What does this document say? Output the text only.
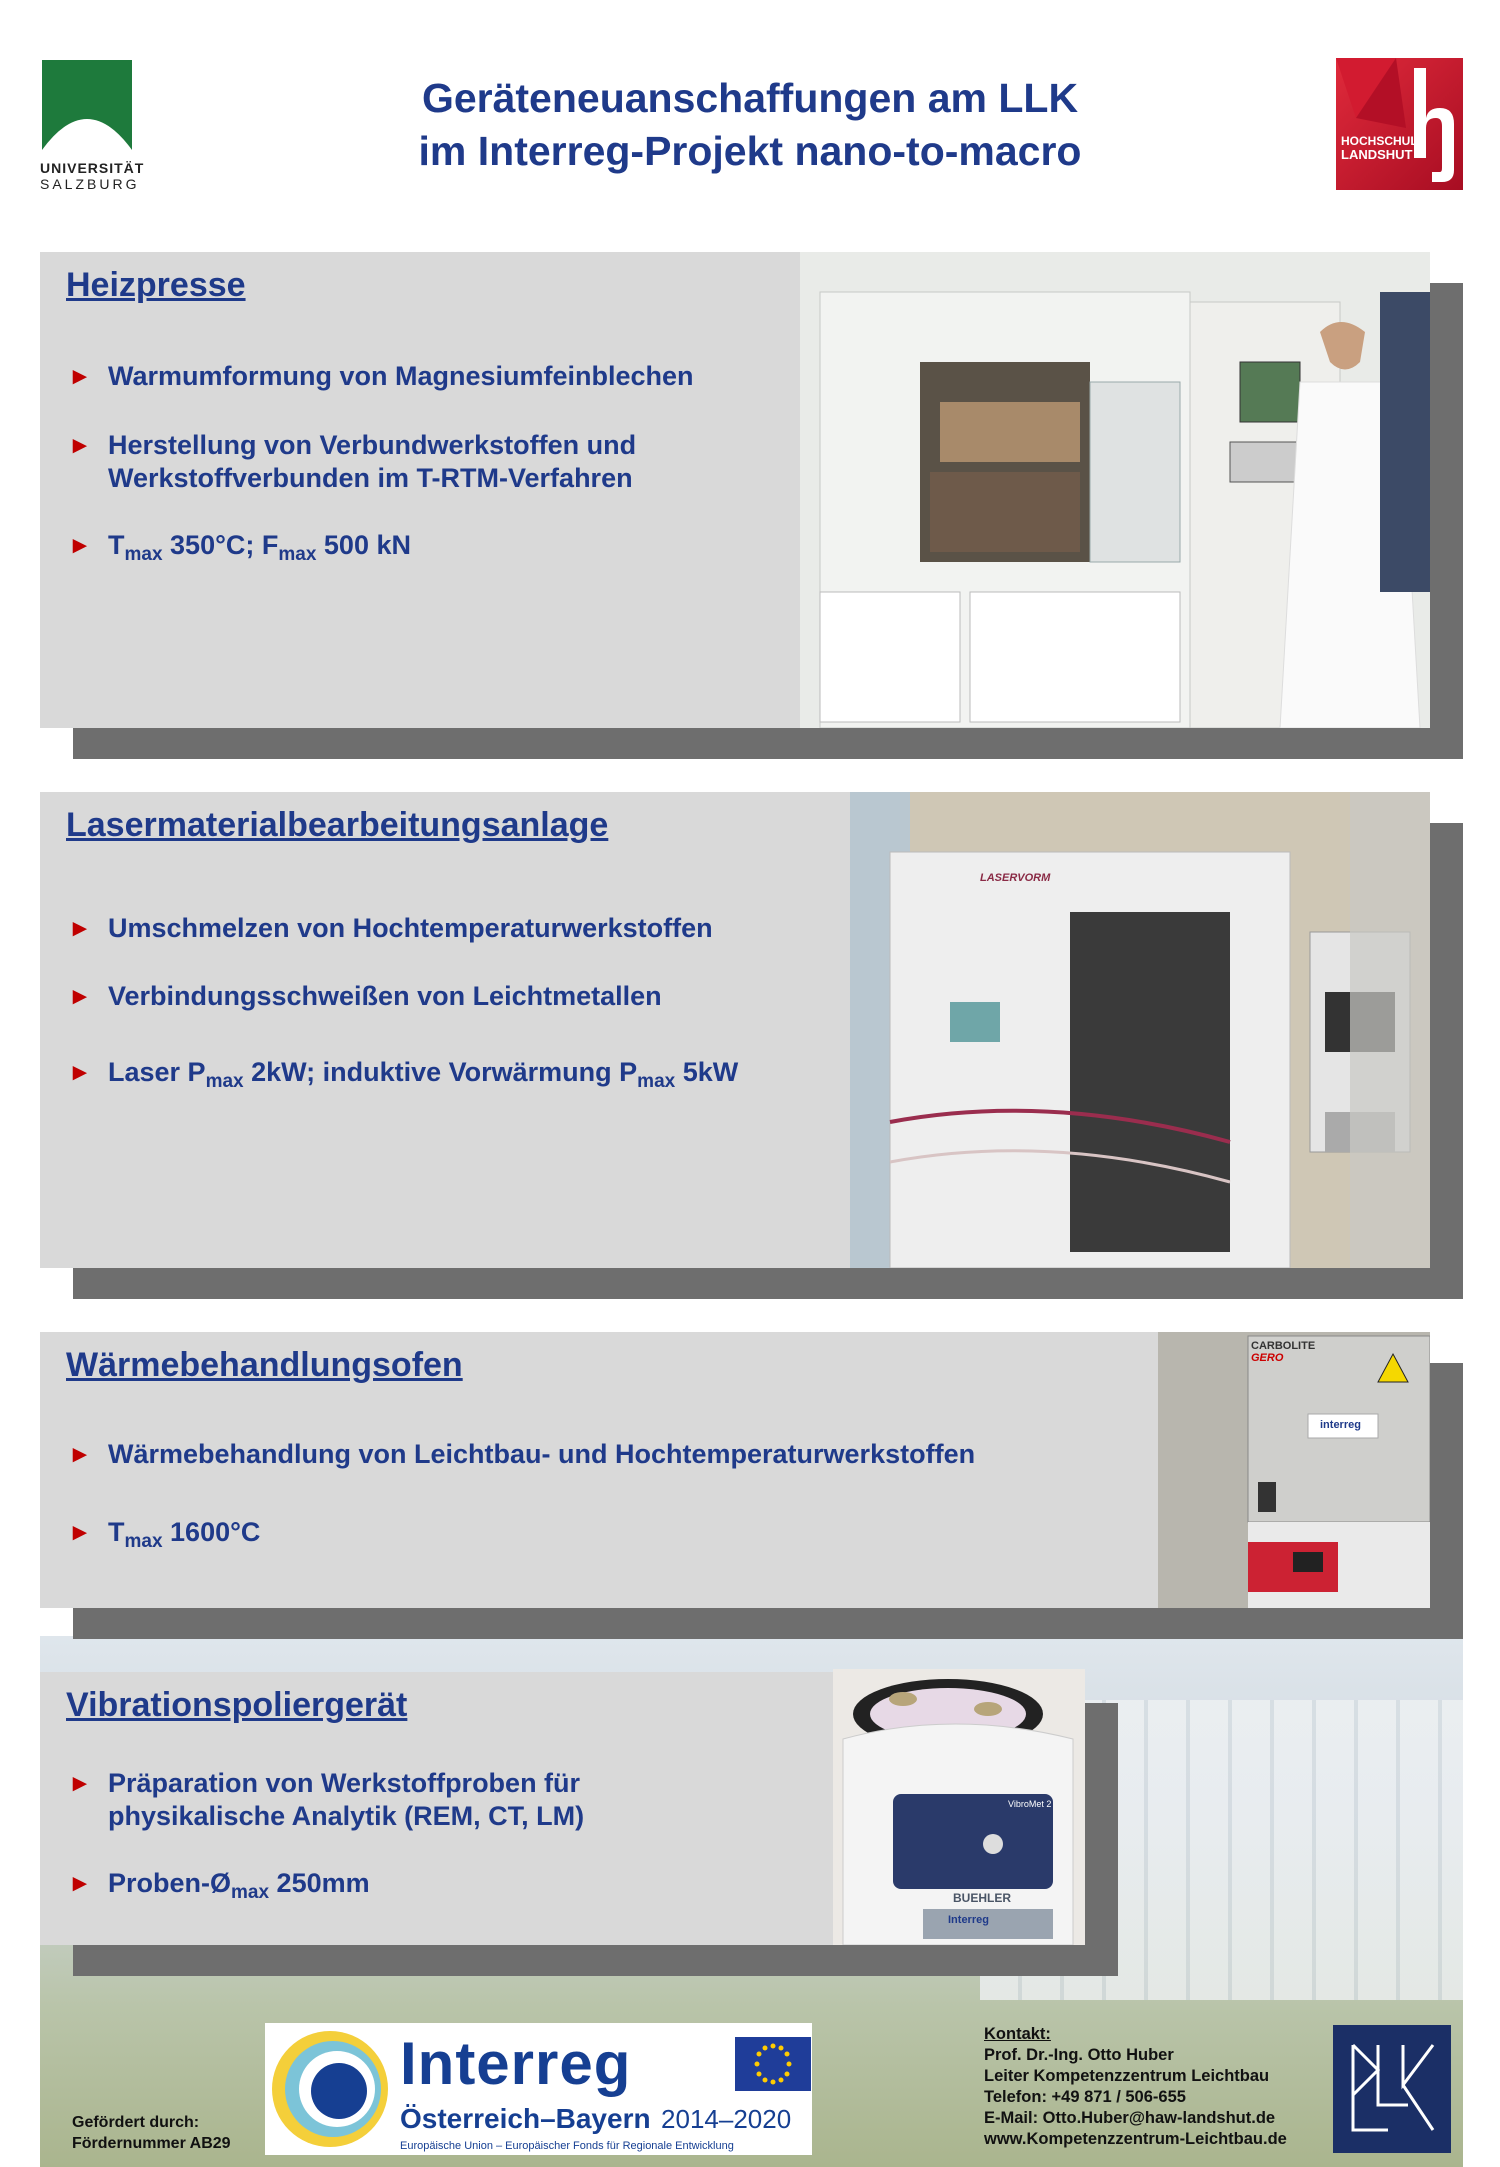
UNIVERSITÄT
SALZBURG
Geräteneuanschaffungen am LLK
im Interreg-Projekt nano-to-macro	HOCHSCHULE
LANDSHUT
Heizpresse
► Warmumformung von Magnesiumfeinblechen
► Herstellung von Verbundwerkstoffen und
Werkstoffverbunden im T-RTM-Verfahren
► $T_{max}$ 350°C; $F_{max}$ 500 kN
Lasermaterialbearbeitungsanlage
► Umschmelzen von Hochtemperaturwerkstoffen
► Verbindungsschweißen von Leichtmetallen
► Laser $P_{max}$ 2kW; induktive Vorwärmung $P_{max}$ 5kW
LASERVORM
Wärmebehandlungsofen
► Wärmebehandlung von Leichtbau- und Hochtemperaturwerkstoffen
► $T_{max}$ 1600°C
CARBOLITE
GERO
interreg
Vibrationspoliergerät
► Präparation von Werkstoffproben für
physikalische Analytik (REM, CT, LM)
► Proben-$Ø_{max}$ 250mm
VibroMet 2
BUEHLER
Interreg
Gefördert durch:
Fördernummer AB29
Interreg
Österreich–Bayern 2014–2020
Europäische Union – Europäischer Fonds für Regionale Entwicklung
Kontakt:
Prof. Dr.-Ing. Otto Huber
Leiter Kompetenzzentrum Leichtbau
Telefon: +49 871 / 506-655
E-Mail: Otto.Huber@haw-landshut.de
www.Kompetenzzentrum-Leichtbau.de
